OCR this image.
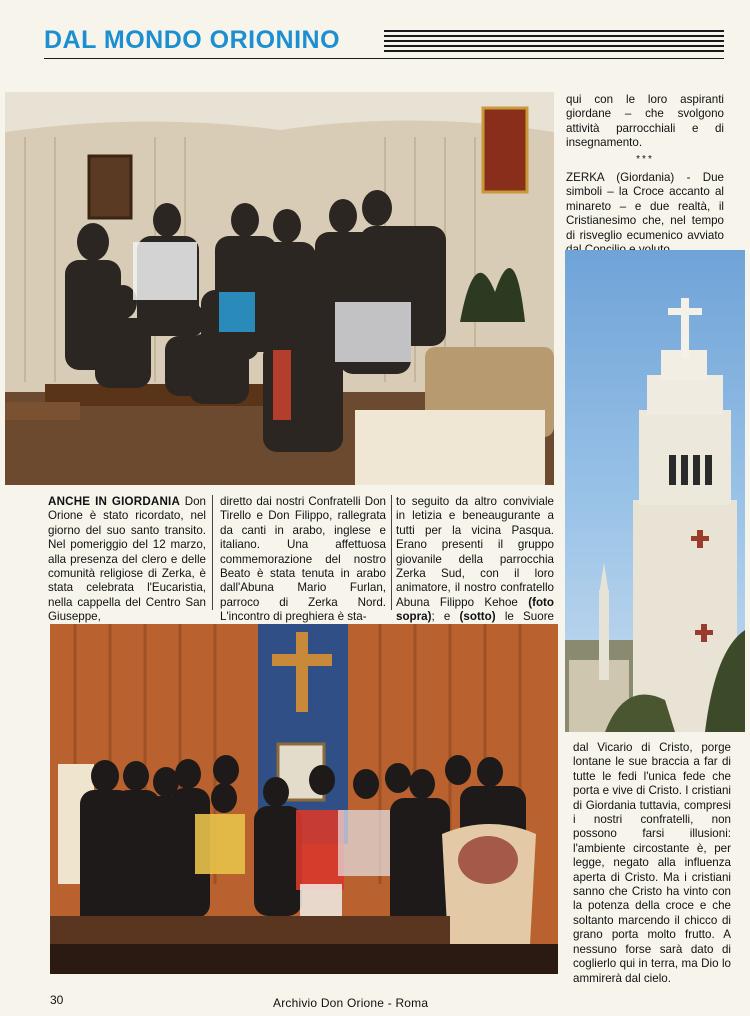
DAL MONDO ORIONINO

qui con le loro aspiranti giordane – che svolgono attività parrocchiali e di insegnamento.

***

ZERKA (Giordania) - Due simboli – la Croce accanto al minareto – e due realtà, il Cristianesimo che, nel tempo di risveglio ecumenico avviato

ANCHE IN GIORDANIA Don Orione è stato ricordato, nel giorno del suo santo transito. Nel pomeriggio del 12 marzo, alla presenza del clero e delle comunità religiose di Zerka, è stata celebrata l'Eucaristia, nella cappella del Centro San Giuseppe,

diretto dai nostri Confratelli Don Tirello e Don Filippo, rallegrata da canti in arabo, inglese e italiano. Una affettuosa commemorazione del nostro Beato è stata tenuta in arabo dall'Abuna Mario Furlan, parroco di Zerka Nord. L'incontro di preghiera è sta-

to seguito da altro conviviale in letizia e beneaugurante a tutti per la vicina Pasqua. Erano presenti il gruppo giovanile della parrocchia Zerka Sud, con il loro animatore, il nostro confratello Abuna Filippo Kehoe (foto sopra); e (sotto) le Suore

dal Vicario di Cristo, porge lontane le sue braccia a far di tutte le fedi l'unica fede che porta e vive di Cristo. I cristiani di Giordania tuttavia, compresi i nostri confratelli, non possono farsi illusioni: l'ambiente circostante è, per legge, negato alla influenza aperta di Cristo. Ma i cristiani sanno che Cristo ha vinto con la potenza della croce e che soltanto marcendo il chicco di grano porta molto frutto. A nessuno forse sarà dato di coglierlo qui in terra, ma Dio lo ammirerà dal cielo.

30	Archivio Don Orione - Roma
